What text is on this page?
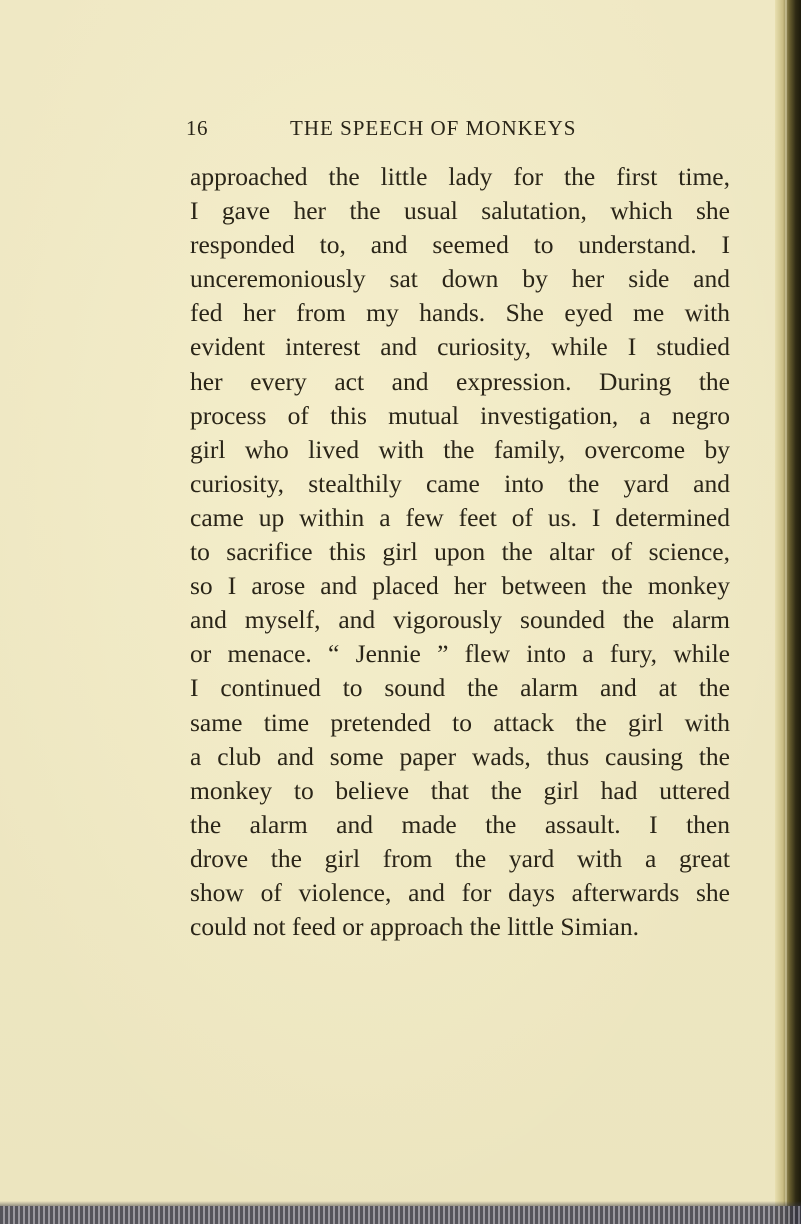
16	THE SPEECH OF MONKEYS
approached the little lady for the first time,
I gave her the usual salutation, which she
responded to, and seemed to understand. I
unceremoniously sat down by her side and
fed her from my hands. She eyed me with
evident interest and curiosity, while I studied
her every act and expression. During the
process of this mutual investigation, a negro
girl who lived with the family, overcome by
curiosity, stealthily came into the yard and
came up within a few feet of us. I determined
to sacrifice this girl upon the altar of science,
so I arose and placed her between the monkey
and myself, and vigorously sounded the alarm
or menace. “ Jennie ” flew into a fury, while
I continued to sound the alarm and at the
same time pretended to attack the girl with
a club and some paper wads, thus causing the
monkey to believe that the girl had uttered
the alarm and made the assault. I then
drove the girl from the yard with a great
show of violence, and for days afterwards she
could not feed or approach the little Simian.
